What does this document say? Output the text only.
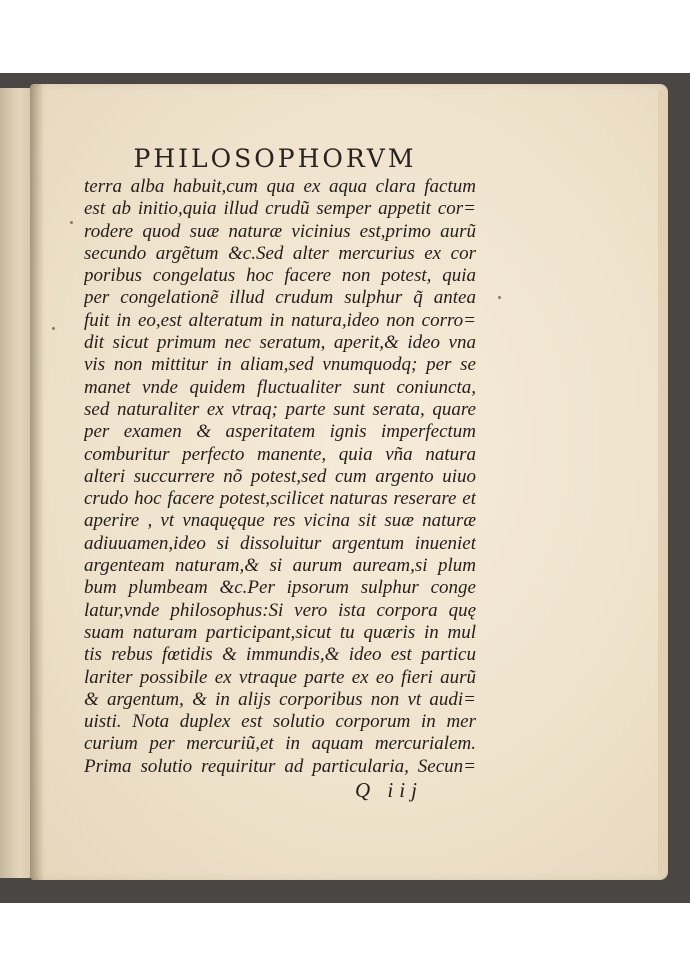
PHILOSOPHORVM
terra alba habuit,cum qua ex aqua clara factum
est ab initio,quia illud crudũ semper appetit cor=
rodere quod suæ naturæ vicinius est,primo aurũ
secundo argẽtum &c.Sed alter mercurius ex cor
poribus congelatus hoc facere non potest, quia
per congelationẽ illud crudum sulphur q̃ antea
fuit in eo,est alteratum in natura,ideo non corro=
dit sicut primum nec seratum, aperit,& ideo vna
vis non mittitur in aliam,sed vnumquodq; per se
manet vnde quidem fluctualiter sunt coniuncta,
sed naturaliter ex vtraq; parte sunt serata, quare
per examen & asperitatem ignis imperfectum
comburitur perfecto manente, quia vña natura
alteri succurrere nõ potest,sed cum argento uiuo
crudo hoc facere potest,scilicet naturas reserare et
aperire , vt vnaquęque res vicina sit suæ naturæ
adiuuamen,ideo si dissoluitur argentum inueniet
argenteam naturam,& si aurum auream,si plum
bum plumbeam &c.Per ipsorum sulphur conge
latur,vnde philosophus:Si vero ista corpora quę
suam naturam participant,sicut tu quæris in mul
tis rebus fœtidis & immundis,& ideo est particu
lariter possibile ex vtraque parte ex eo fieri aurũ
& argentum, & in alijs corporibus non vt audi=
uisti. Nota duplex est solutio corporum in mer
curium per mercuriũ,et in aquam mercurialem.
Prima solutio requiritur ad particularia, Secun=
Q iij
